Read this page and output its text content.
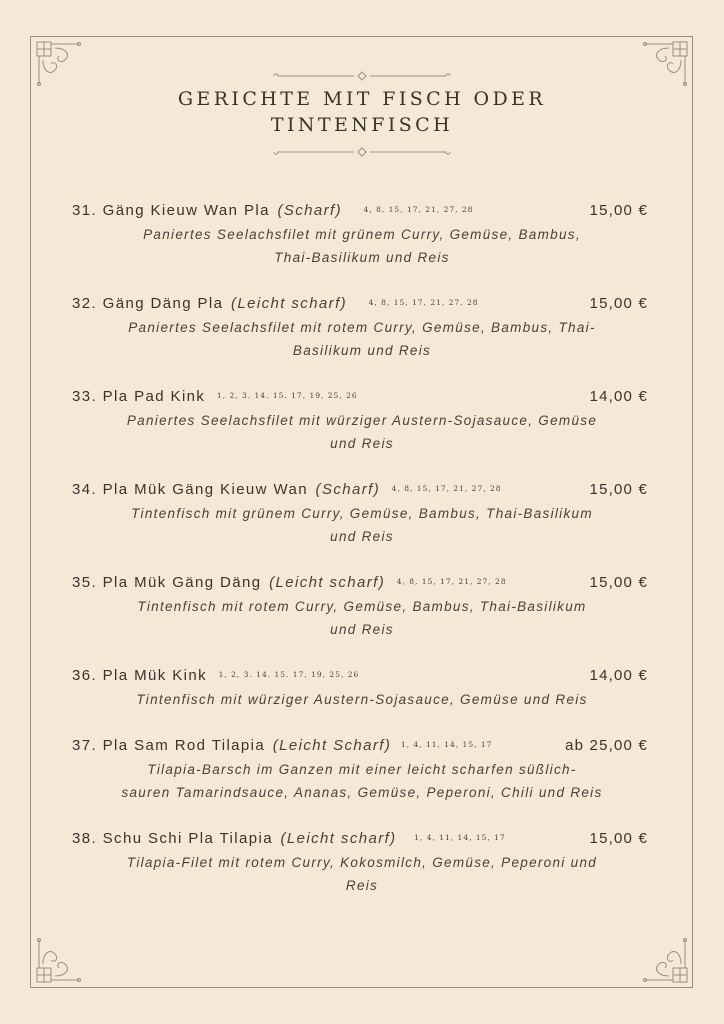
GERICHTE MIT FISCH ODER TINTENFISCH
31. Gäng Kieuw Wan Pla (Scharf)	4, 8, 15, 17, 21, 27, 28	15,00 €
Paniertes Seelachsfilet mit grünem Curry, Gemüse, Bambus,
Thai-Basilikum und Reis
32. Gäng Däng Pla (Leicht scharf)	4, 8, 15, 17, 21, 27, 28	15,00 €
Paniertes Seelachsfilet mit rotem Curry, Gemüse, Bambus, Thai-
Basilikum und Reis
33. Pla Pad Kink 1, 2, 3. 14. 15. 17, 19, 25, 26	14,00 €
Paniertes Seelachsfilet mit würziger Austern-Sojasauce, Gemüse
und Reis
34. Pla Mük Gäng Kieuw Wan (Scharf) 4, 8, 15, 17, 21, 27, 28	15,00 €
Tintenfisch mit grünem Curry, Gemüse, Bambus, Thai-Basilikum
und Reis
35. Pla Mük Gäng Däng (Leicht scharf) 4, 8, 15, 17, 21, 27, 28	15,00 €
Tintenfisch mit rotem Curry, Gemüse, Bambus, Thai-Basilikum
und Reis
36. Pla Mük Kink 1, 2, 3. 14. 15. 17, 19, 25, 26	14,00 €
Tintenfisch mit würziger Austern-Sojasauce, Gemüse und Reis
37. Pla Sam Rod Tilapia (Leicht Scharf) 1, 4, 11, 14, 15, 17	ab 25,00 €
Tilapia-Barsch im Ganzen mit einer leicht scharfen süßlich-
sauren Tamarindsauce, Ananas, Gemüse, Peperoni, Chili und Reis
38. Schu Schi Pla Tilapia (Leicht scharf) 1, 4, 11, 14, 15, 17	15,00 €
Tilapia-Filet mit rotem Curry, Kokosmilch, Gemüse, Peperoni und
Reis
